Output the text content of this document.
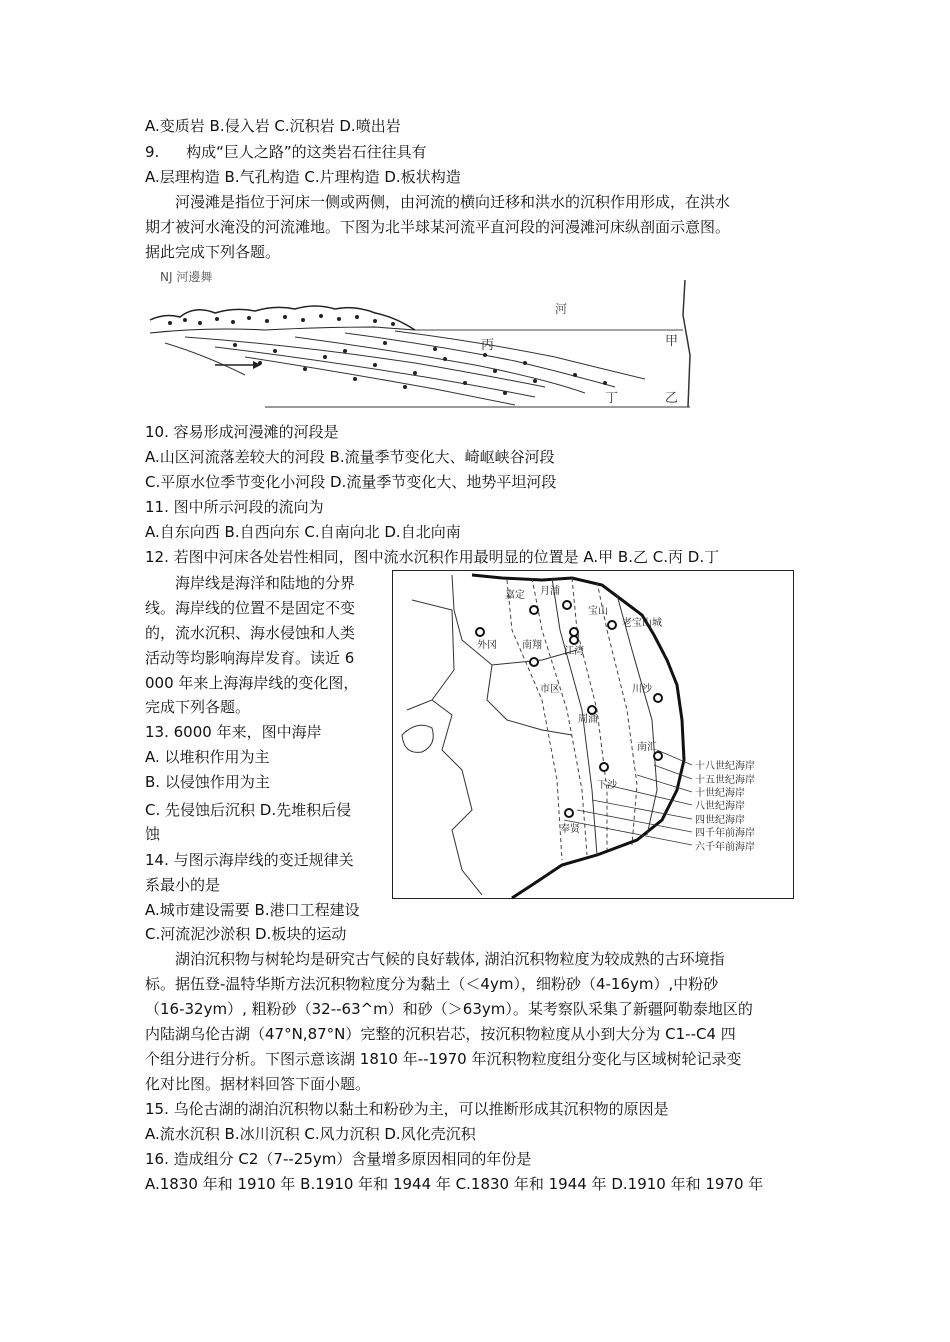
A.变质岩 B.侵入岩 C.沉积岩 D.喷出岩
9. 构成“巨人之路”的这类岩石往往具有
A.层理构造 B.气孔构造 C.片理构造 D.板状构造
河漫滩是指位于河床一侧或两侧，由河流的横向迁移和洪水的沉积作用形成，在洪水
期才被河水淹没的河流滩地。下图为北半球某河流平直河段的河漫滩河床纵剖面示意图。
据此完成下列各题。
NJ 河邊舞
河
甲
丙
丁	乙
10. 容易形成河漫滩的河段是
A.山区河流落差较大的河段 B.流量季节变化大、崎岖峡谷河段
C.平原水位季节变化小河段 D.流量季节变化大、地势平坦河段
11. 图中所示河段的流向为
A.自东向西 B.自西向东 C.自南向北 D.自北向南
12. 若图中河床各处岩性相同，图中流水沉积作用最明显的位置是 A.甲 B.乙 C.丙 D.丁
海岸线是海洋和陆地的分界
线。海岸线的位置不是固定不变
的，流水沉积、海水侵蚀和人类
活动等均影响海岸发育。读近 6
000 年来上海海岸线的变化图，
完成下列各题。
13. 6000 年来，图中海岸
A. 以堆积作用为主
B. 以侵蚀作用为主
C. 先侵蚀后沉积 D.先堆积后侵
蚀
14. 与图示海岸线的变迁规律关
系最小的是
A.城市建设需要 B.港口工程建设
C.河流泥沙淤积 D.板块的运动
嘉定 月浦
宝山
老宝山城
外冈	南翔
江湾
市区
周浦
川沙
南汇
下沙
奉贤
十八世纪海岸
十五世纪海岸
十世纪海岸
八世纪海岸
四世纪海岸
四千年前海岸
六千年前海岸
湖泊沉积物与树轮均是研究古气候的良好载体, 湖泊沉积物粒度为较成熟的古环境指
标。据伍登-温特华斯方法沉积物粒度分为黏土（＜4ym），细粉砂（4-16ym）,中粉砂
（16-32ym）, 粗粉砂（32--63^m）和砂（＞63ym）。某考察队采集了新疆阿勒泰地区的
内陆湖乌伦古湖（47°N,87°N）完整的沉积岩芯，按沉积物粒度从小到大分为 C1--C4 四
个组分进行分析。下图示意该湖 1810 年--1970 年沉积物粒度组分变化与区域树轮记录变
化对比图。据材料回答下面小题。
15. 乌伦古湖的湖泊沉积物以黏土和粉砂为主，可以推断形成其沉积物的原因是
A.流水沉积 B.冰川沉积 C.风力沉积 D.风化壳沉积
16. 造成组分 C2（7--25ym）含量增多原因相同的年份是
A.1830 年和 1910 年 B.1910 年和 1944 年 C.1830 年和 1944 年 D.1910 年和 1970 年
